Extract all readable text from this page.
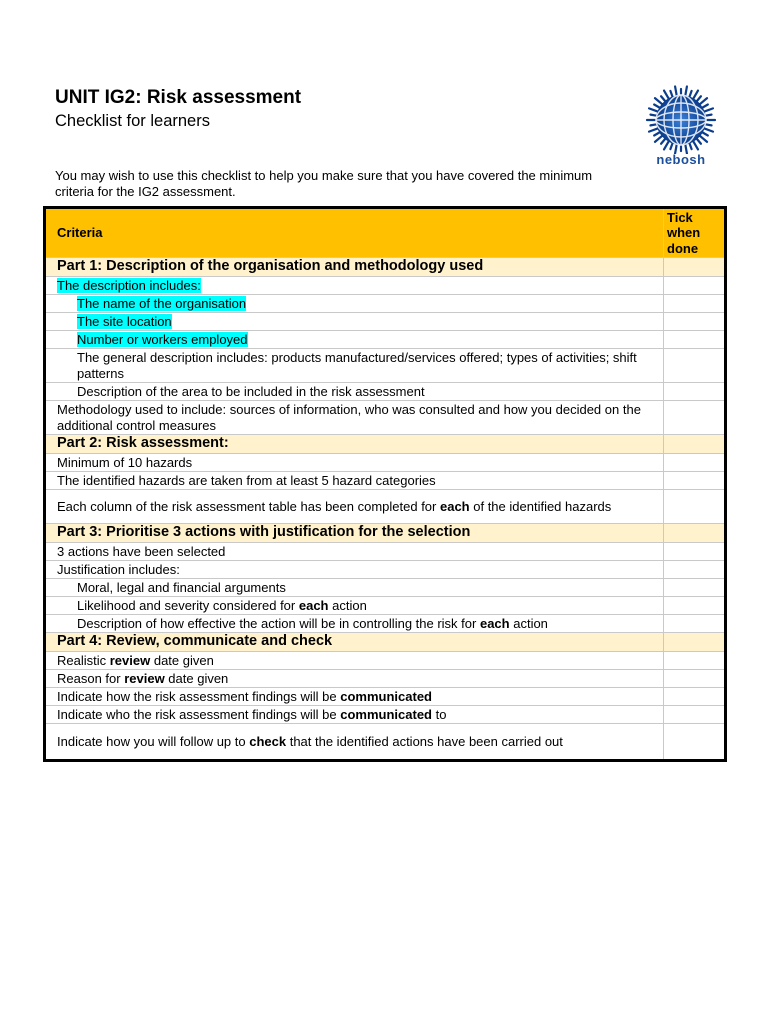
UNIT IG2: Risk assessment
Checklist for learners
You may wish to use this checklist to help you make sure that you have covered the minimum criteria for the IG2 assessment.
nebosh
Criteria	Tick when done
Part 1: Description of the organisation and methodology used	
The description includes:	
The name of the organisation	
The site location	
Number or workers employed	
The general description includes: products manufactured/services offered; types of activities; shift patterns	
Description of the area to be included in the risk assessment	
Methodology used to include: sources of information, who was consulted and how you decided on the additional control measures	
Part 2: Risk assessment:	
Minimum of 10 hazards	
The identified hazards are taken from at least 5 hazard categories	
Each column of the risk assessment table has been completed for each of the identified hazards	
Part 3: Prioritise 3 actions with justification for the selection	
3 actions have been selected	
Justification includes:	
Moral, legal and financial arguments	
Likelihood and severity considered for each action	
Description of how effective the action will be in controlling the risk for each action	
Part 4: Review, communicate and check	
Realistic review date given	
Reason for review date given	
Indicate how the risk assessment findings will be communicated	
Indicate who the risk assessment findings will be communicated to	
Indicate how you will follow up to check that the identified actions have been carried out	
